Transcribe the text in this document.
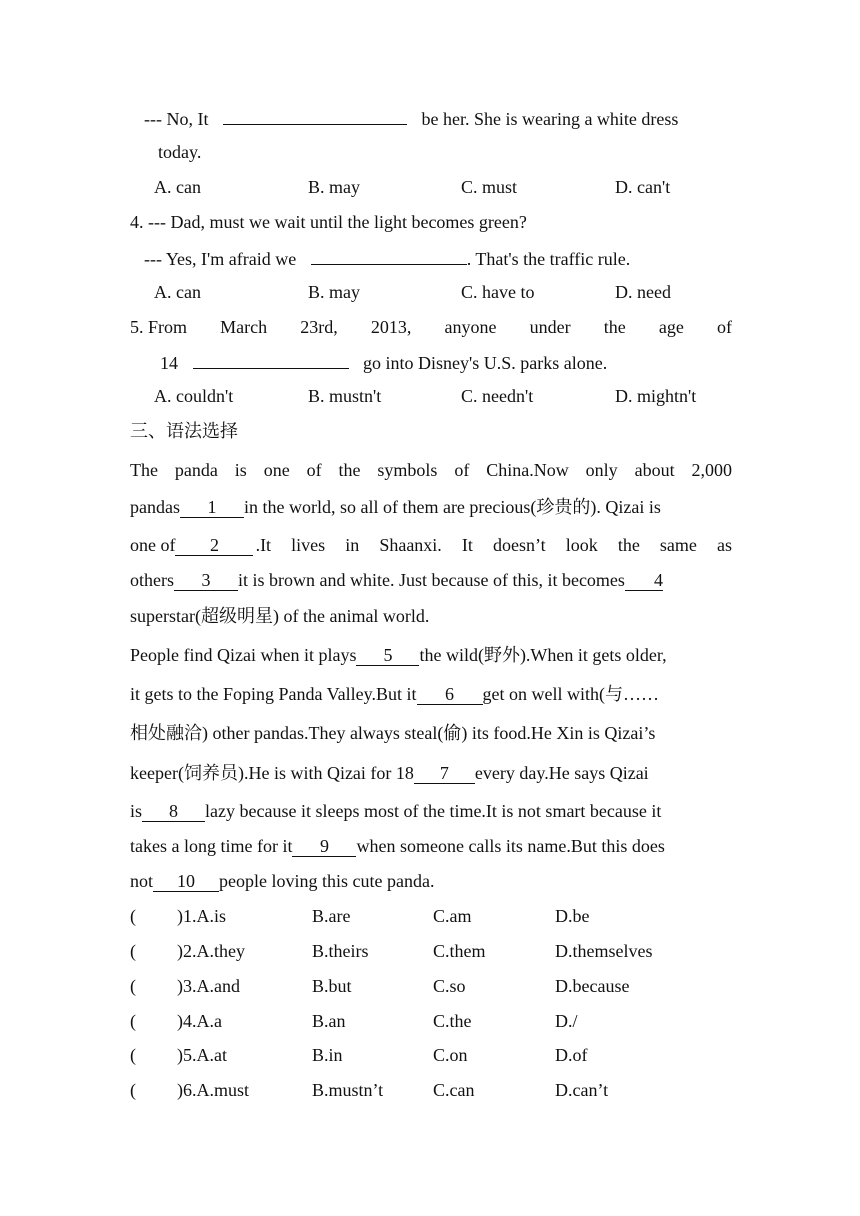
--- No, It	be her. She is wearing a white dress
today.
A. can	B. may	C. must	D. can't
4. --- Dad, must we wait until the light becomes green?
--- Yes, I'm afraid we	. That's the traffic rule.
A. can	B. may	C. have to	D. need
5. From March 23rd, 2013, anyone under the age of
14	go into Disney's U.S. parks alone.
A. couldn't	B. mustn't	C. needn't	D. mightn't
三、语法选择
The panda is one of the symbols of China.Now only about 2,000
pandas 1 in the world, so all of them are precious(珍贵的). Qizai is
one of 2	.It lives in Shaanxi. It doesn’t look the same as
others 3 it is brown and white. Just because of this, it becomes 4
superstar(超级明星) of the animal world.
People find Qizai when it plays 5 the wild(野外).When it gets older,
it gets to the Foping Panda Valley.But it 6 get on well with(与……
相处融洽) other pandas.They always steal(偷) its food.He Xin is Qizai’s
keeper(饲养员).He is with Qizai for 18 7 every day.He says Qizai
is 8 lazy because it sleeps most of the time.It is not smart because it
takes a long time for it 9 when someone calls its name.But this does
not 10 people loving this cute panda.
( )1.A.is	B.are	C.am	D.be
( )2.A.they	B.theirs	C.them	D.themselves
( )3.A.and	B.but	C.so	D.because
( )4.A.a	B.an	C.the	D./
( )5.A.at	B.in	C.on	D.of
( )6.A.must	B.mustn’t	C.can	D.can’t
